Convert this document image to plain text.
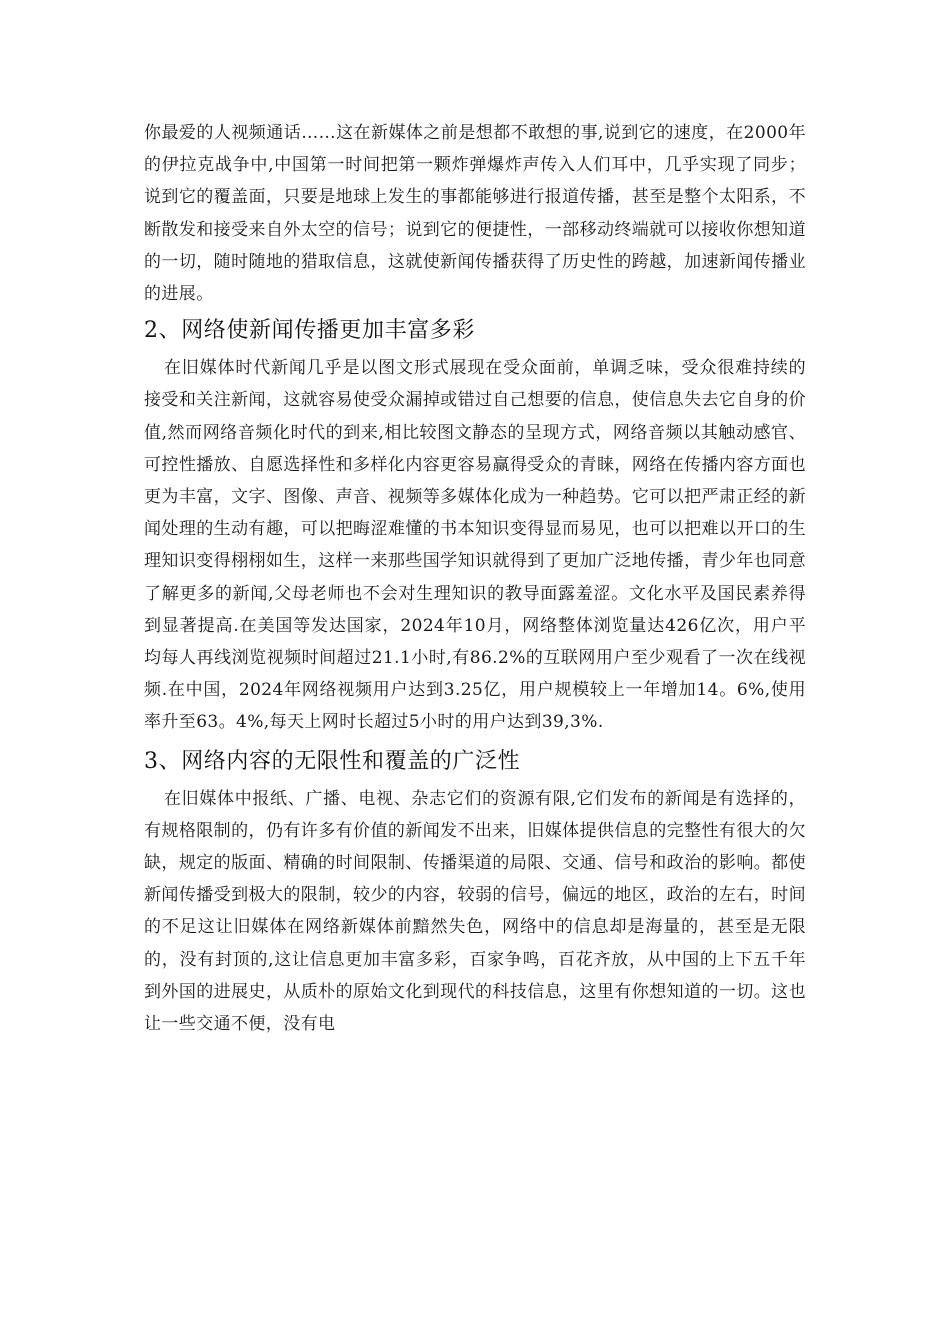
你最爱的人视频通话……这在新媒体之前是想都不敢想的事,说到它的速度，在2000年的伊拉克战争中,中国第一时间把第一颗炸弹爆炸声传入人们耳中，几乎实现了同步；说到它的覆盖面，只要是地球上发生的事都能够进行报道传播，甚至是整个太阳系，不断散发和接受来自外太空的信号；说到它的便捷性，一部移动终端就可以接收你想知道的一切，随时随地的猎取信息，这就使新闻传播获得了历史性的跨越，加速新闻传播业的进展。

2、网络使新闻传播更加丰富多彩

在旧媒体时代新闻几乎是以图文形式展现在受众面前，单调乏味，受众很难持续的接受和关注新闻，这就容易使受众漏掉或错过自己想要的信息，使信息失去它自身的价值,然而网络音频化时代的到来,相比较图文静态的呈现方式，网络音频以其触动感官、可控性播放、自愿选择性和多样化内容更容易赢得受众的青睐，网络在传播内容方面也更为丰富，文字、图像、声音、视频等多媒体化成为一种趋势。它可以把严肃正经的新闻处理的生动有趣，可以把晦涩难懂的书本知识变得显而易见，也可以把难以开口的生理知识变得栩栩如生，这样一来那些国学知识就得到了更加广泛地传播，青少年也同意了解更多的新闻,父母老师也不会对生理知识的教导面露羞涩。文化水平及国民素养得到显著提高.在美国等发达国家，2024年10月，网络整体浏览量达426亿次，用户平均每人再线浏览视频时间超过21.1小时,有86.2%的互联网用户至少观看了一次在线视频.在中国，2024年网络视频用户达到3.25亿，用户规模较上一年增加14。6%,使用率升至63。4%,每天上网时长超过5小时的用户达到39,3%.

3、网络内容的无限性和覆盖的广泛性

在旧媒体中报纸、广播、电视、杂志它们的资源有限,它们发布的新闻是有选择的，有规格限制的，仍有许多有价值的新闻发不出来，旧媒体提供信息的完整性有很大的欠缺，规定的版面、精确的时间限制、传播渠道的局限、交通、信号和政治的影响。都使新闻传播受到极大的限制，较少的内容，较弱的信号，偏远的地区，政治的左右，时间的不足这让旧媒体在网络新媒体前黯然失色，网络中的信息却是海量的，甚至是无限的，没有封顶的,这让信息更加丰富多彩，百家争鸣，百花齐放，从中国的上下五千年到外国的进展史，从质朴的原始文化到现代的科技信息，这里有你想知道的一切。这也让一些交通不便，没有电
